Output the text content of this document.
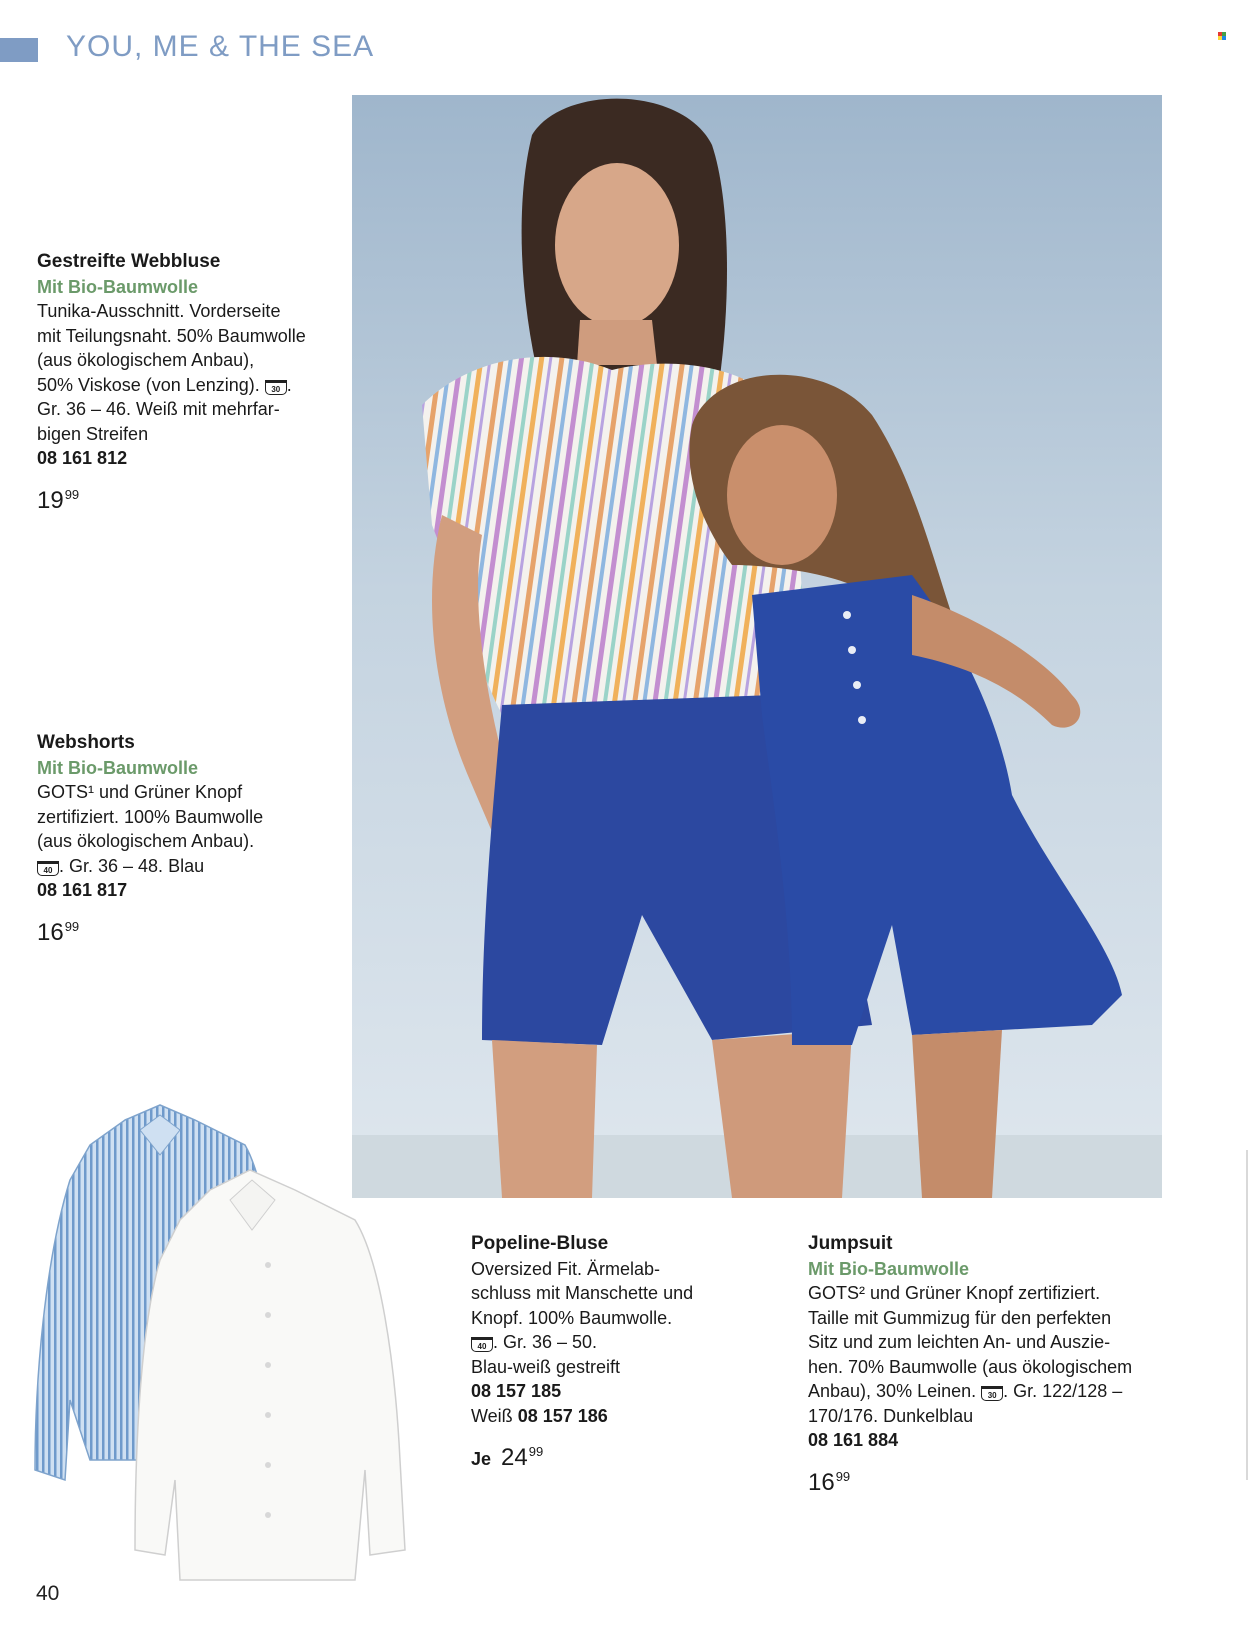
YOU, ME & THE SEA
Gestreifte Webbluse
Mit Bio-Baumwolle
Tunika-Ausschnitt. Vorderseite
mit Teilungsnaht. 50% Baumwolle
(aus ökologischem Anbau),
50% Viskose (von Lenzing). 30 .
Gr. 36 – 46. Weiß mit mehrfar-
bigen Streifen
08 161 812
$19^{99}$
Webshorts
Mit Bio-Baumwolle
GOTS¹ und Grüner Knopf
zertifiziert. 100% Baumwolle
(aus ökologischem Anbau).
40 . Gr. 36 – 48. Blau
08 161 817
$16^{99}$
Popeline-Bluse
Oversized Fit. Ärmelab-
schluss mit Manschette und
Knopf. 100% Baumwolle.
40 . Gr. 36 – 50.
Blau-weiß gestreift
08 157 185
Weiß 08 157 186
Je $24^{99}$
Jumpsuit
Mit Bio-Baumwolle
GOTS² und Grüner Knopf zertifiziert.
Taille mit Gummizug für den perfekten
Sitz und zum leichten An- und Auszie-
hen. 70% Baumwolle (aus ökologischem
Anbau), 30% Leinen. 30 . Gr. 122/128 –
170/176. Dunkelblau
08 161 884
$16^{99}$
40
